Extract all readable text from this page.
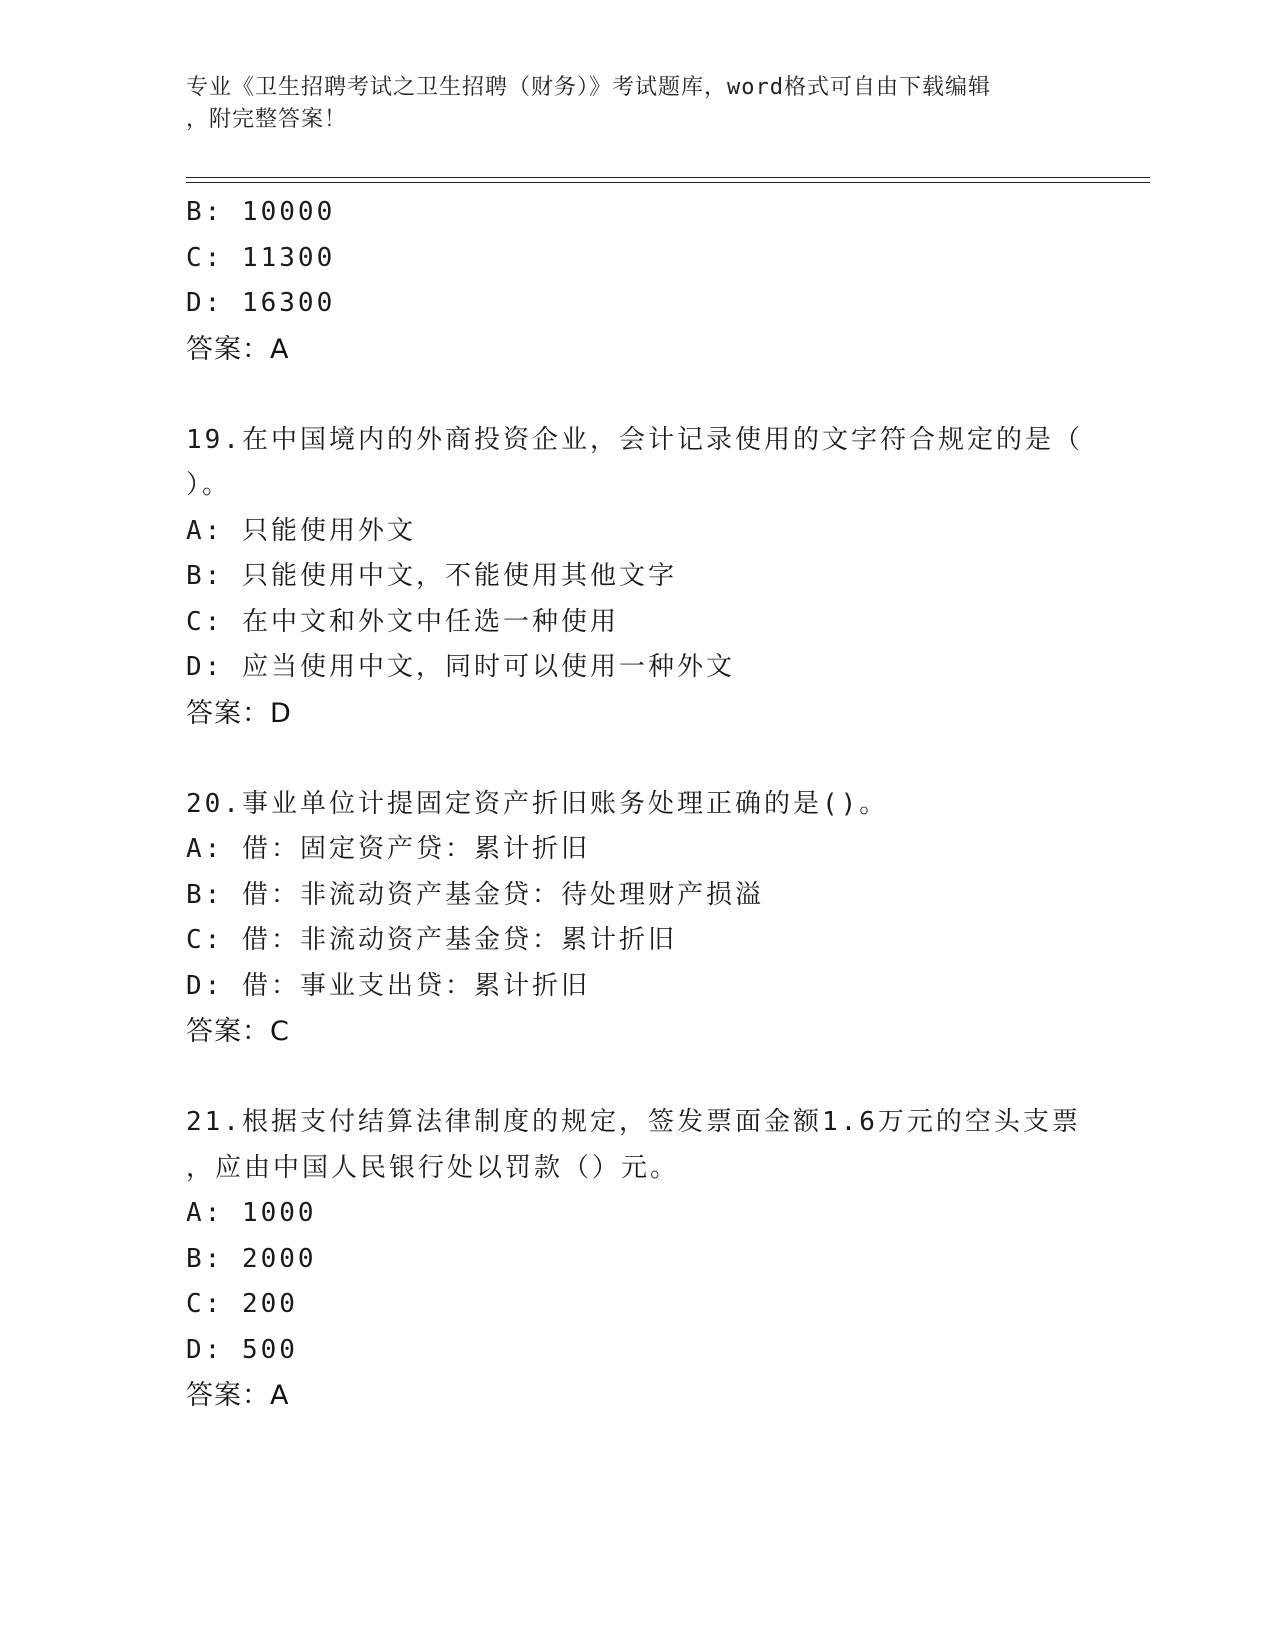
专业《卫生招聘考试之卫生招聘（财务）》考试题库，word格式可自由下载编辑
，附完整答案！
B: 10000
C: 11300
D: 16300
答案：A
19.在中国境内的外商投资企业，会计记录使用的文字符合规定的是（
）。
A: 只能使用外文
B: 只能使用中文，不能使用其他文字
C: 在中文和外文中任选一种使用
D: 应当使用中文，同时可以使用一种外文
答案：D
20.事业单位计提固定资产折旧账务处理正确的是()。
A: 借：固定资产贷：累计折旧
B: 借：非流动资产基金贷：待处理财产损溢
C: 借：非流动资产基金贷：累计折旧
D: 借：事业支出贷：累计折旧
答案：C
21.根据支付结算法律制度的规定，签发票面金额1.6万元的空头支票
，应由中国人民银行处以罚款（）元。
A: 1000
B: 2000
C: 200
D: 500
答案：A
